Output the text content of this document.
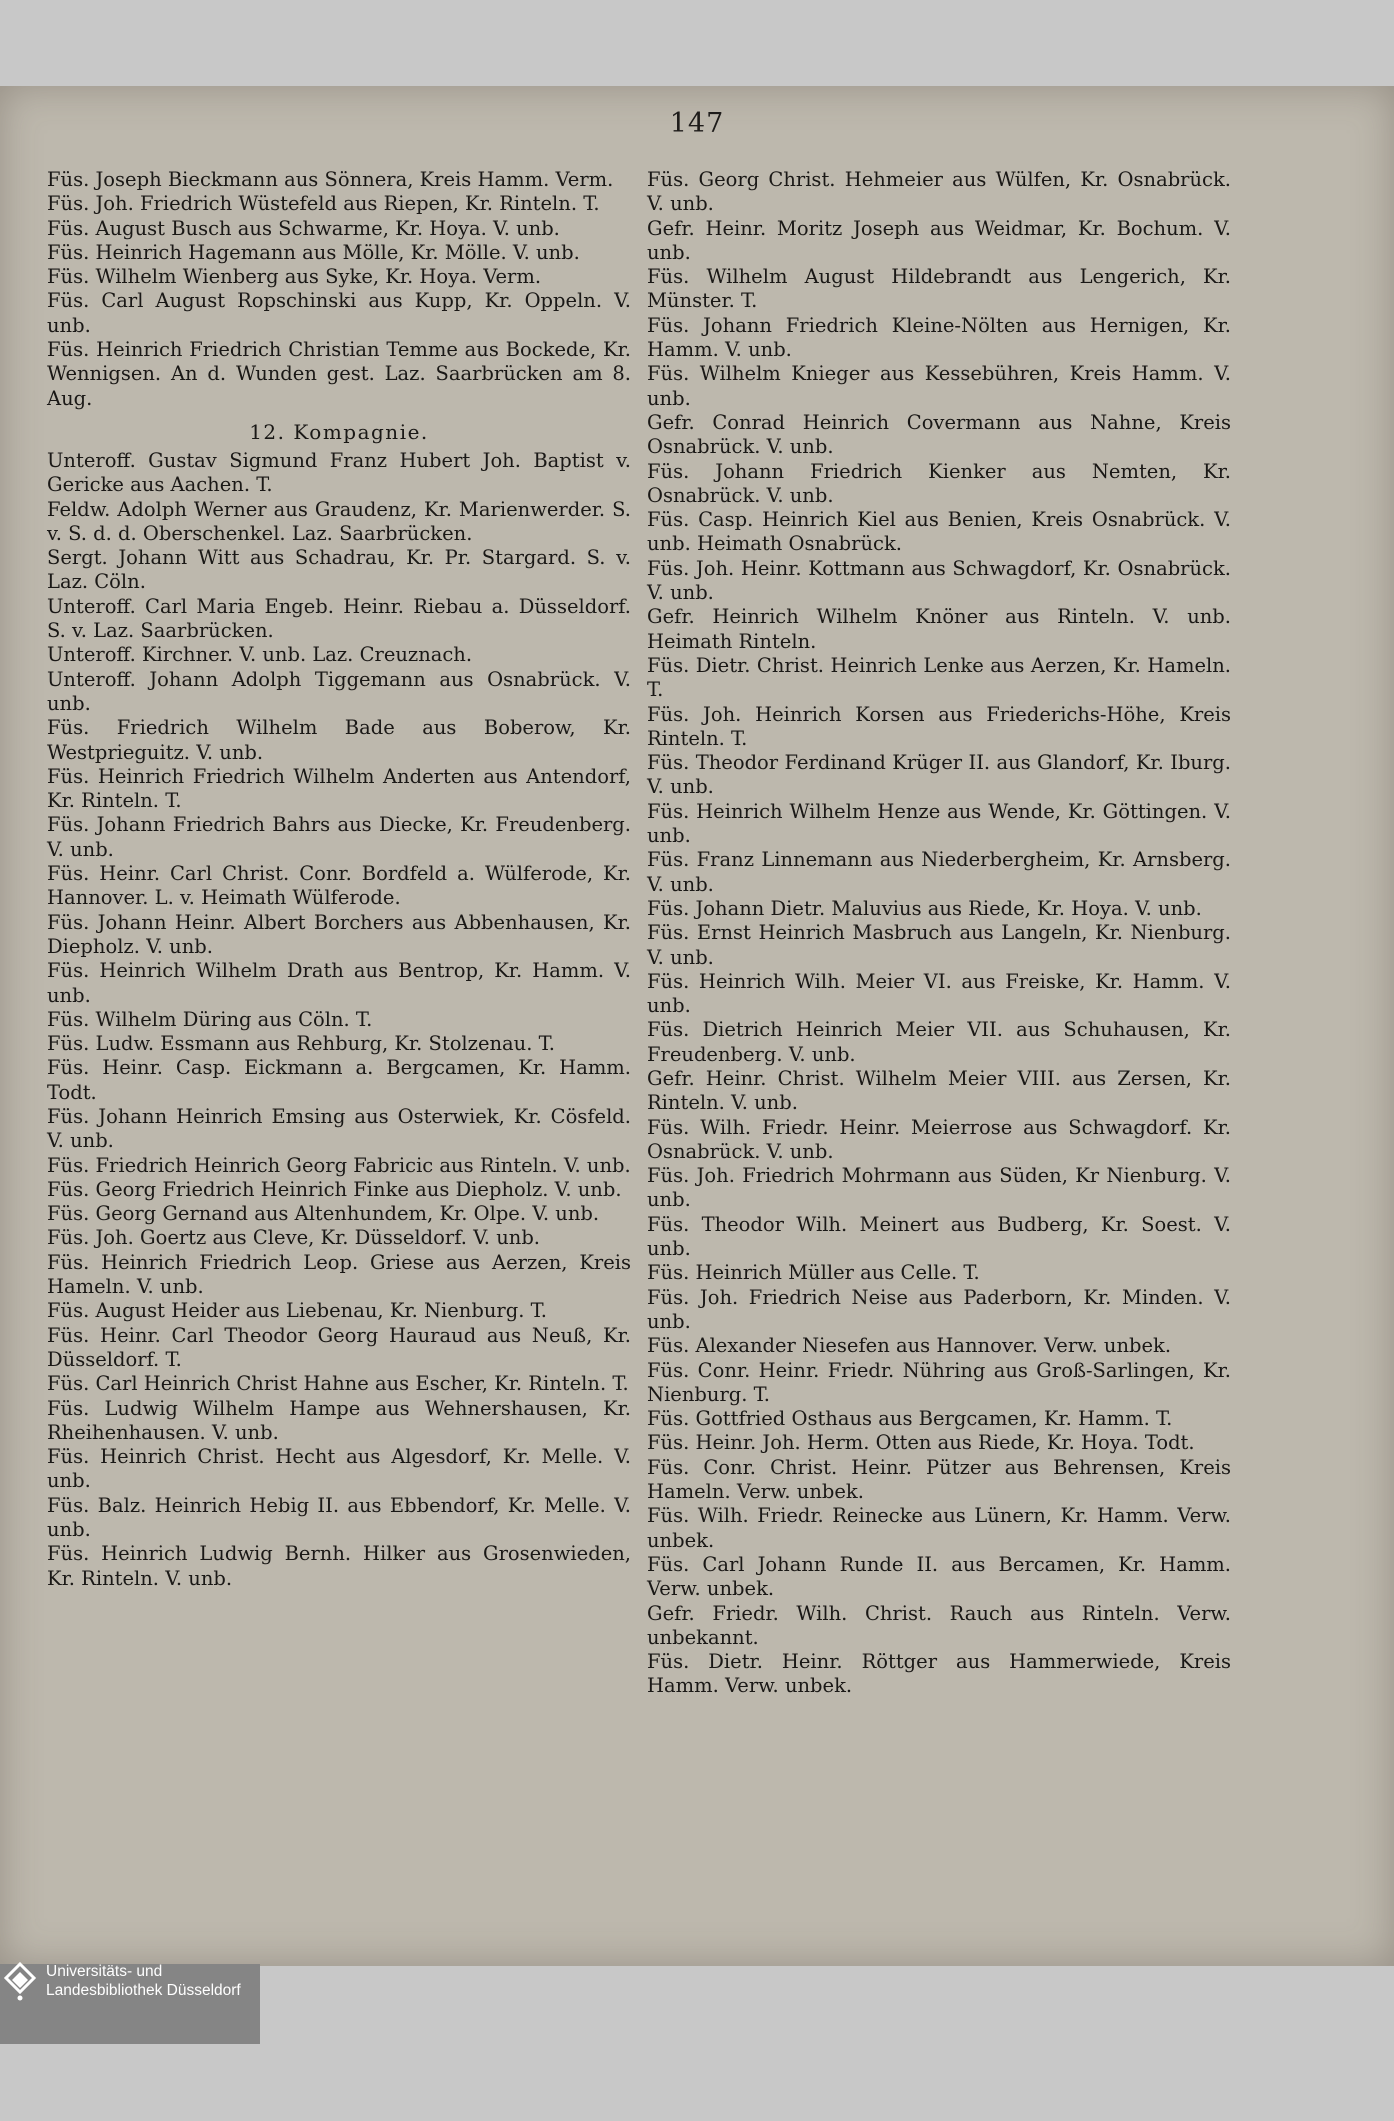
147

Füs. Joseph Bieckmann aus Sönnera, Kreis Hamm. Verm.

Füs. Joh. Friedrich Wüstefeld aus Riepen, Kr. Rinteln. T.

Füs. August Busch aus Schwarme, Kr. Hoya. V. unb.

Füs. Heinrich Hagemann aus Mölle, Kr. Mölle. V. unb.

Füs. Wilhelm Wienberg aus Syke, Kr. Hoya. Verm.

Füs. Carl August Ropschinski aus Kupp, Kr. Oppeln. V. unb.

Füs. Heinrich Friedrich Christian Temme aus Bockede, Kr. Wennigsen. An d. Wunden gest. Laz. Saarbrücken am 8. Aug.

12. Kompagnie.

Unteroff. Gustav Sigmund Franz Hubert Joh. Baptist v. Gericke aus Aachen. T.

Feldw. Adolph Werner aus Graudenz, Kr. Marienwerder. S. v. S. d. d. Oberschenkel. Laz. Saarbrücken.

Sergt. Johann Witt aus Schadrau, Kr. Pr. Stargard. S. v. Laz. Cöln.

Unteroff. Carl Maria Engeb. Heinr. Riebau a. Düsseldorf. S. v. Laz. Saarbrücken.

Unteroff. Kirchner. V. unb. Laz. Creuznach.

Unteroff. Johann Adolph Tiggemann aus Osnabrück. V. unb.

Füs. Friedrich Wilhelm Bade aus Boberow, Kr. Westprieguitz. V. unb.

Füs. Heinrich Friedrich Wilhelm Anderten aus Antendorf, Kr. Rinteln. T.

Füs. Johann Friedrich Bahrs aus Diecke, Kr. Freudenberg. V. unb.

Füs. Heinr. Carl Christ. Conr. Bordfeld a. Wülferode, Kr. Hannover. L. v. Heimath Wülferode.

Füs. Johann Heinr. Albert Borchers aus Abbenhausen, Kr. Diepholz. V. unb.

Füs. Heinrich Wilhelm Drath aus Bentrop, Kr. Hamm. V. unb.

Füs. Wilhelm Düring aus Cöln. T.

Füs. Ludw. Essmann aus Rehburg, Kr. Stolzenau. T.

Füs. Heinr. Casp. Eickmann a. Bergcamen, Kr. Hamm. Todt.

Füs. Johann Heinrich Emsing aus Osterwiek, Kr. Cösfeld. V. unb.

Füs. Friedrich Heinrich Georg Fabricic aus Rinteln. V. unb.

Füs. Georg Friedrich Heinrich Finke aus Diepholz. V. unb.

Füs. Georg Gernand aus Altenhundem, Kr. Olpe. V. unb.

Füs. Joh. Goertz aus Cleve, Kr. Düsseldorf. V. unb.

Füs. Heinrich Friedrich Leop. Griese aus Aerzen, Kreis Hameln. V. unb.

Füs. August Heider aus Liebenau, Kr. Nienburg. T.

Füs. Heinr. Carl Theodor Georg Hauraud aus Neuß, Kr. Düsseldorf. T.

Füs. Carl Heinrich Christ Hahne aus Escher, Kr. Rinteln. T.

Füs. Ludwig Wilhelm Hampe aus Wehnershausen, Kr. Rheihenhausen. V. unb.

Füs. Heinrich Christ. Hecht aus Algesdorf, Kr. Melle. V. unb.

Füs. Balz. Heinrich Hebig II. aus Ebbendorf, Kr. Melle. V. unb.

Füs. Heinrich Ludwig Bernh. Hilker aus Grosenwieden, Kr. Rinteln. V. unb.

Füs. Georg Christ. Hehmeier aus Wülfen, Kr. Osnabrück. V. unb.

Gefr. Heinr. Moritz Joseph aus Weidmar, Kr. Bochum. V. unb.

Füs. Wilhelm August Hildebrandt aus Lengerich, Kr. Münster. T.

Füs. Johann Friedrich Kleine-Nölten aus Hernigen, Kr. Hamm. V. unb.

Füs. Wilhelm Knieger aus Kessebühren, Kreis Hamm. V. unb.

Gefr. Conrad Heinrich Covermann aus Nahne, Kreis Osnabrück. V. unb.

Füs. Johann Friedrich Kienker aus Nemten, Kr. Osnabrück. V. unb.

Füs. Casp. Heinrich Kiel aus Benien, Kreis Osnabrück. V. unb. Heimath Osnabrück.

Füs. Joh. Heinr. Kottmann aus Schwagdorf, Kr. Osnabrück. V. unb.

Gefr. Heinrich Wilhelm Knöner aus Rinteln. V. unb. Heimath Rinteln.

Füs. Dietr. Christ. Heinrich Lenke aus Aerzen, Kr. Hameln. T.

Füs. Joh. Heinrich Korsen aus Friederichs-Höhe, Kreis Rinteln. T.

Füs. Theodor Ferdinand Krüger II. aus Glandorf, Kr. Iburg. V. unb.

Füs. Heinrich Wilhelm Henze aus Wende, Kr. Göttingen. V. unb.

Füs. Franz Linnemann aus Niederbergheim, Kr. Arnsberg. V. unb.

Füs. Johann Dietr. Maluvius aus Riede, Kr. Hoya. V. unb.

Füs. Ernst Heinrich Masbruch aus Langeln, Kr. Nienburg. V. unb.

Füs. Heinrich Wilh. Meier VI. aus Freiske, Kr. Hamm. V. unb.

Füs. Dietrich Heinrich Meier VII. aus Schuhausen, Kr. Freudenberg. V. unb.

Gefr. Heinr. Christ. Wilhelm Meier VIII. aus Zersen, Kr. Rinteln. V. unb.

Füs. Wilh. Friedr. Heinr. Meierrose aus Schwagdorf. Kr. Osnabrück. V. unb.

Füs. Joh. Friedrich Mohrmann aus Süden, Kr Nienburg. V. unb.

Füs. Theodor Wilh. Meinert aus Budberg, Kr. Soest. V. unb.

Füs. Heinrich Müller aus Celle. T.

Füs. Joh. Friedrich Neise aus Paderborn, Kr. Minden. V. unb.

Füs. Alexander Niesefen aus Hannover. Verw. unbek.

Füs. Conr. Heinr. Friedr. Nühring aus Groß-Sarlingen, Kr. Nienburg. T.

Füs. Gottfried Osthaus aus Bergcamen, Kr. Hamm. T.

Füs. Heinr. Joh. Herm. Otten aus Riede, Kr. Hoya. Todt.

Füs. Conr. Christ. Heinr. Pützer aus Behrensen, Kreis Hameln. Verw. unbek.

Füs. Wilh. Friedr. Reinecke aus Lünern, Kr. Hamm. Verw. unbek.

Füs. Carl Johann Runde II. aus Bercamen, Kr. Hamm. Verw. unbek.

Gefr. Friedr. Wilh. Christ. Rauch aus Rinteln. Verw. unbekannt.

Füs. Dietr. Heinr. Röttger aus Hammerwiede, Kreis Hamm. Verw. unbek.

Universitäts- und
Landesbibliothek Düsseldorf
